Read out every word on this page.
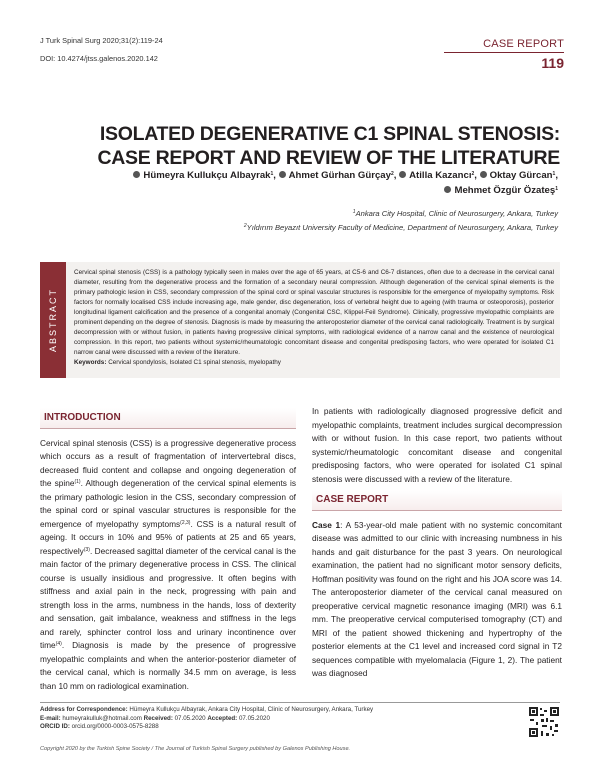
J Turk Spinal Surg 2020;31(2):119-24
DOI: 10.4274/jtss.galenos.2020.142
CASE REPORT
119
ISOLATED DEGENERATIVE C1 SPINAL STENOSIS: CASE REPORT AND REVIEW OF THE LITERATURE
Hümeyra Kullukçu Albayrak$^1$, Ahmet Gürhan Gürçay$^2$, Atilla Kazancı$^2$, Oktay Gürcan$^1$,
Mehmet Özgür Özateş$^1$
$^1$Ankara City Hospital, Clinic of Neurosurgery, Ankara, Turkey
$^2$Yıldırım Beyazıt University Faculty of Medicine, Department of Neurosurgery, Ankara, Turkey
ABSTRACT
Cervical spinal stenosis (CSS) is a pathology typically seen in males over the age of 65 years, at C5-6 and C6-7 distances, often due to a decrease in the cervical canal diameter, resulting from the degenerative process and the formation of a secondary neural compression. Although degeneration of the cervical spinal elements is the primary pathologic lesion in CSS, secondary compression of the spinal cord or spinal vascular structures is responsible for the emergence of myelopathy symptoms. Risk factors for normally localised CSS include increasing age, male gender, disc degeneration, loss of vertebral height due to ageing (with trauma or osteoporosis), posterior longitudinal ligament calcification and the presence of a congenital anomaly (Congenital CSC, Klippel-Feil Syndrome). Clinically, progressive myelopathic complaints are prominent depending on the degree of stenosis. Diagnosis is made by measuring the anteroposterior diameter of the cervical canal radiologically. Treatment is by surgical decompression with or without fusion, in patients having progressive clinical symptoms, with radiological evidence of a narrow canal and the existence of neurological compression. In this report, two patients without systemic/rheumatologic concomitant disease and congenital predisposing factors, who were operated for isolated C1 narrow canal were discussed with a review of the literature.
Keywords: Cervical spondylosis, Isolated C1 spinal stenosis, myelopathy
INTRODUCTION

Cervical spinal stenosis (CSS) is a progressive degenerative process which occurs as a result of fragmentation of intervertebral discs, decreased fluid content and collapse and ongoing degeneration of the spine$^{(1)}$. Although degeneration of the cervical spinal elements is the primary pathologic lesion in the CSS, secondary compression of the spinal cord or spinal vascular structures is responsible for the emergence of myelopathy symptoms$^{(2,3)}$. CSS is a natural result of ageing. It occurs in 10% and 95% of patients at 25 and 65 years, respectively$^{(3)}$. Decreased sagittal diameter of the cervical canal is the main factor of the primary degenerative process in CSS. The clinical course is usually insidious and progressive. It often begins with stiffness and axial pain in the neck, progressing with pain and strength loss in the arms, numbness in the hands, loss of dexterity and sensation, gait imbalance, weakness and stiffness in the legs and rarely, sphincter control loss and urinary incontinence over time$^{(4)}$. Diagnosis is made by the presence of progressive myelopathic complaints and when the anterior-posterior diameter of the cervical canal, which is normally 34.5 mm on average, is less than 10 mm on radiological examination.

In patients with radiologically diagnosed progressive deficit and myelopathic complaints, treatment includes surgical decompression with or without fusion. In this case report, two patients without systemic/rheumatologic concomitant disease and congenital predisposing factors, who were operated for isolated C1 spinal stenosis were discussed with a review of the literature.

CASE REPORT

Case 1: A 53-year-old male patient with no systemic concomitant disease was admitted to our clinic with increasing numbness in his hands and gait disturbance for the past 3 years. On neurological examination, the patient had no significant motor sensory deficits, Hoffman positivity was found on the right and his JOA score was 14. The anteroposterior diameter of the cervical canal measured on preoperative cervical magnetic resonance imaging (MRI) was 6.1 mm. The preoperative cervical computerised tomography (CT) and MRI of the patient showed thickening and hypertrophy of the posterior elements at the C1 level and increased cord signal in T2 sequences compatible with myelomalacia (Figure 1, 2). The patient was diagnosed

Address for Correspondence: Hümeyra Kullukçu Albayrak, Ankara City Hospital, Clinic of Neurosurgery, Ankara, Turkey
E-mail: humeyrakulluk@hotmail.com Received: 07.05.2020 Accepted: 07.05.2020
ORCID ID: orcid.org/0000-0003-0575-8288
Copyright 2020 by the Turkish Spine Society / The Journal of Turkish Spinal Surgery published by Galenos Publishing House.
